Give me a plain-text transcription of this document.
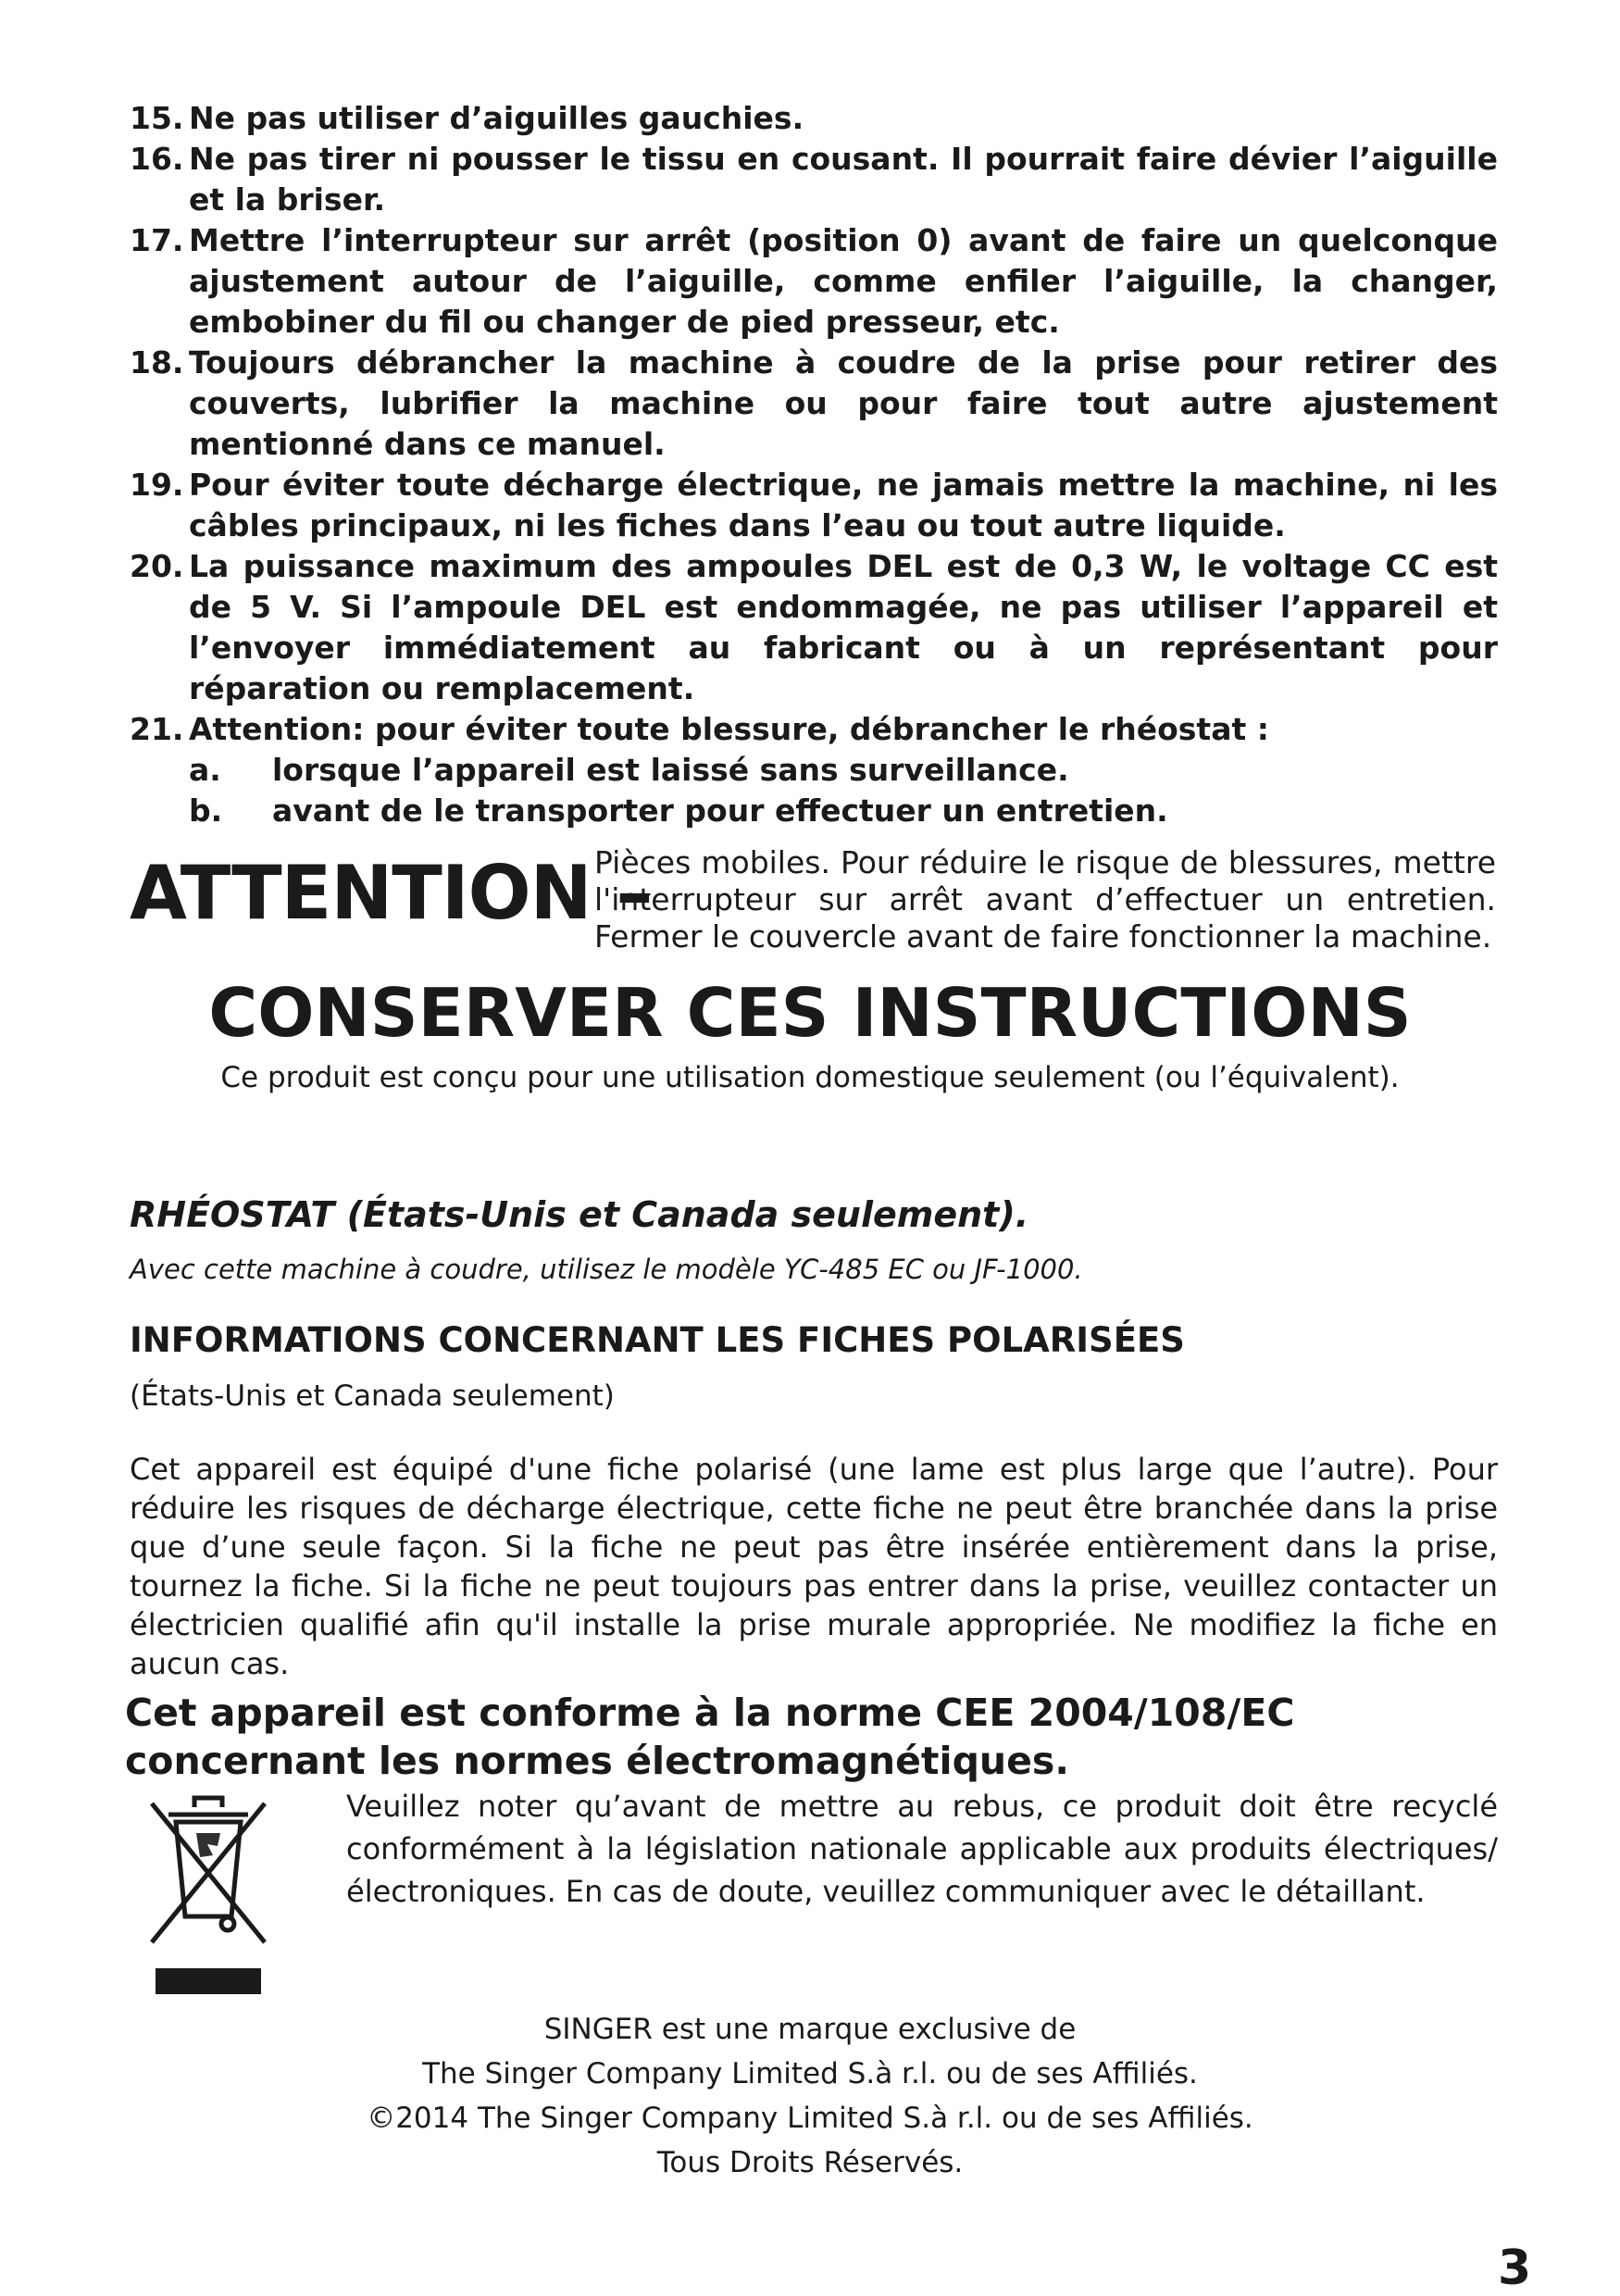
15. Ne pas utiliser d’aiguilles gauchies.
16. Ne pas tirer ni pousser le tissu en cousant. Il pourrait faire dévier l’aiguille et la briser.
17. Mettre l’interrupteur sur arrêt (position 0) avant de faire un quelconque ajustement autour de l’aiguille, comme enfiler l’aiguille, la changer, embobiner du fil ou changer de pied presseur, etc.
18. Toujours débrancher la machine à coudre de la prise pour retirer des couverts, lubrifier la machine ou pour faire tout autre ajustement mentionné dans ce manuel.
19. Pour éviter toute décharge électrique, ne jamais mettre la machine, ni les câbles principaux, ni les fiches dans l’eau ou tout autre liquide.
20. La puissance maximum des ampoules DEL est de 0,3 W, le voltage CC est de 5 V. Si l’ampoule DEL est endommagée, ne pas utiliser l’appareil et l’envoyer immédiatement au fabricant ou à un représentant pour réparation ou remplacement.
21. Attention: pour éviter toute blessure, débrancher le rhéostat :
a. lorsque l’appareil est laissé sans surveillance.
b. avant de le transporter pour effectuer un entretien.
ATTENTION –
Pièces mobiles. Pour réduire le risque de blessures, mettre l'interrupteur sur arrêt avant d’effectuer un entretien. Fermer le couvercle avant de faire fonctionner la machine.
CONSERVER CES INSTRUCTIONS
Ce produit est conçu pour une utilisation domestique seulement (ou l’équivalent).
RHÉOSTAT (États-Unis et Canada seulement).
Avec cette machine à coudre, utilisez le modèle YC-485 EC ou JF-1000.
INFORMATIONS CONCERNANT LES FICHES POLARISÉES
(États-Unis et Canada seulement)
Cet appareil est équipé d'une fiche polarisé (une lame est plus large que l’autre). Pour réduire les risques de décharge électrique, cette fiche ne peut être branchée dans la prise que d’une seule façon. Si la fiche ne peut pas être insérée entièrement dans la prise, tournez la fiche. Si la fiche ne peut toujours pas entrer dans la prise, veuillez contacter un électricien qualifié afin qu'il installe la prise murale appropriée. Ne modifiez la fiche en aucun cas.
Cet appareil est conforme à la norme CEE 2004/108/EC
concernant les normes électromagnétiques.
Veuillez noter qu’avant de mettre au rebus, ce produit doit être recyclé conformément à la législation nationale applicable aux produits électriques/ électroniques. En cas de doute, veuillez communiquer avec le détaillant.
SINGER est une marque exclusive de
The Singer Company Limited S.à r.l. ou de ses Affiliés.
©2014 The Singer Company Limited S.à r.l. ou de ses Affiliés.
Tous Droits Réservés.
3
